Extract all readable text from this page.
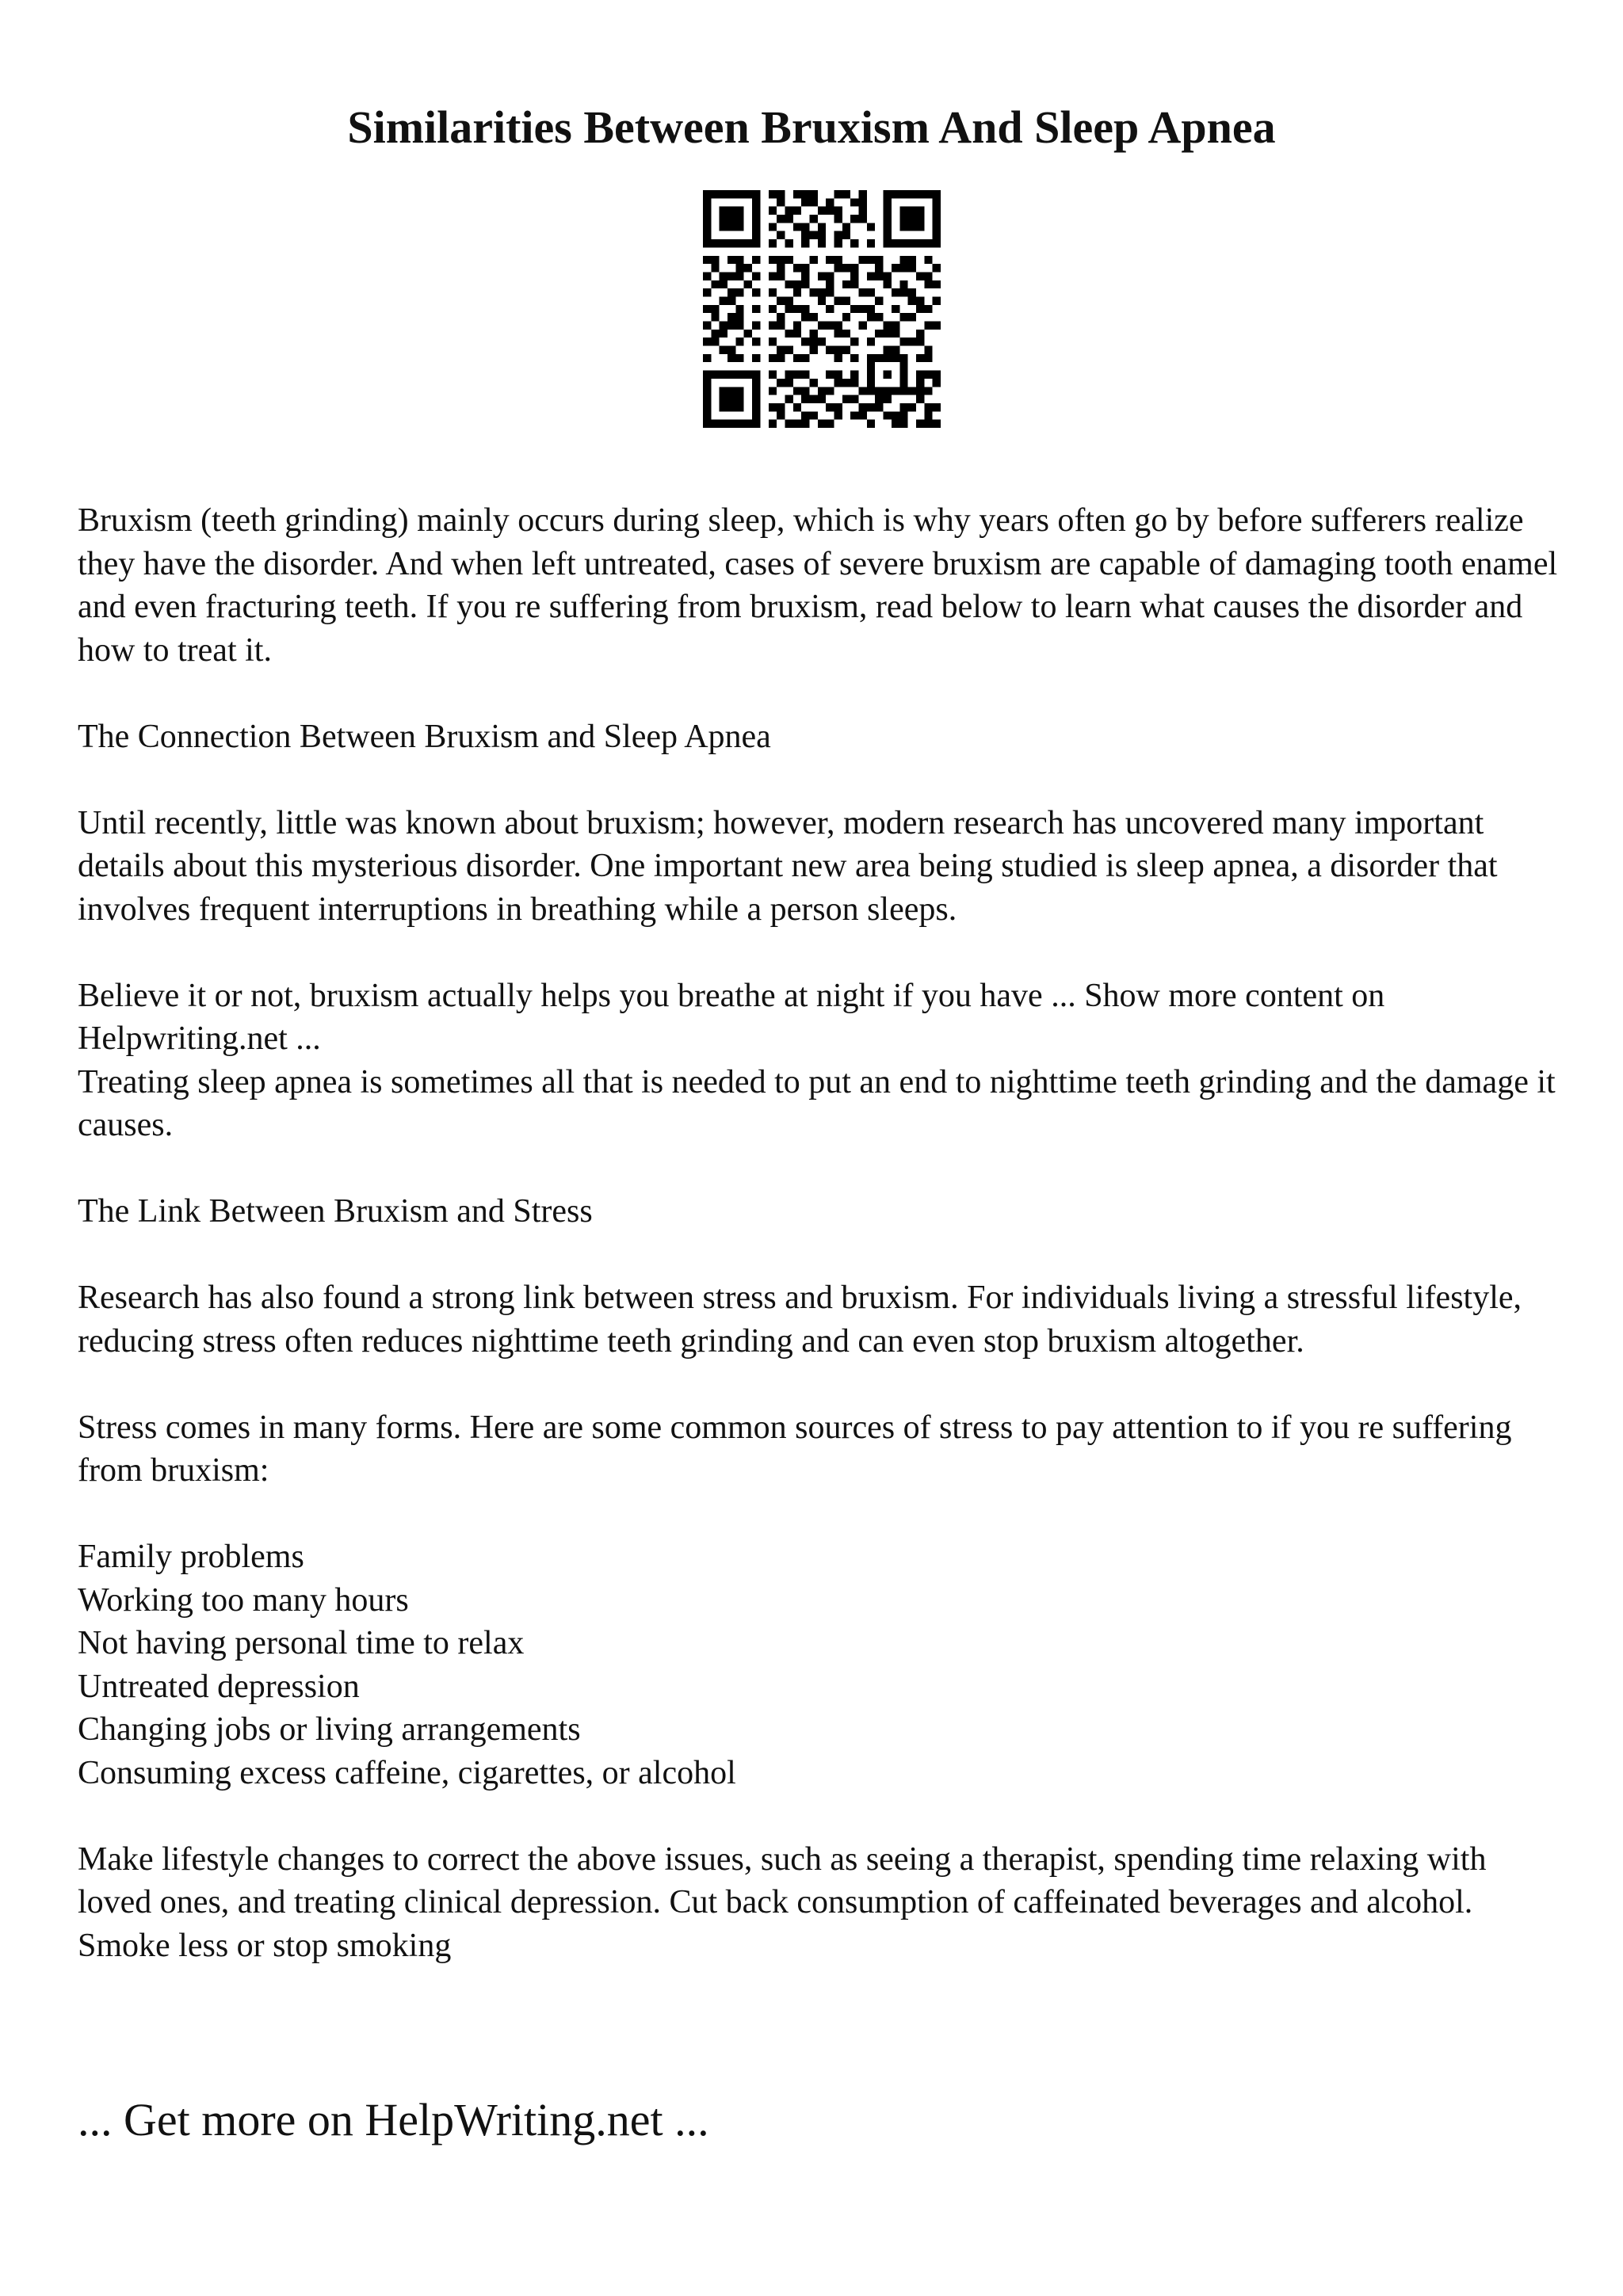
Similarities Between Bruxism And Sleep Apnea

Bruxism (teeth grinding) mainly occurs during sleep, which is why years often go by before sufferers realize they have the disorder. And when left untreated, cases of severe bruxism are capable of damaging tooth enamel and even fracturing teeth. If you re suffering from bruxism, read below to learn what causes the disorder and how to treat it.

The Connection Between Bruxism and Sleep Apnea

Until recently, little was known about bruxism; however, modern research has uncovered many important details about this mysterious disorder. One important new area being studied is sleep apnea, a disorder that involves frequent interruptions in breathing while a person sleeps.

Believe it or not, bruxism actually helps you breathe at night if you have ... Show more content on Helpwriting.net ...
Treating sleep apnea is sometimes all that is needed to put an end to nighttime teeth grinding and the damage it causes.

The Link Between Bruxism and Stress

Research has also found a strong link between stress and bruxism. For individuals living a stressful lifestyle, reducing stress often reduces nighttime teeth grinding and can even stop bruxism altogether.

Stress comes in many forms. Here are some common sources of stress to pay attention to if you re suffering from bruxism:

Family problems
Working too many hours
Not having personal time to relax
Untreated depression
Changing jobs or living arrangements
Consuming excess caffeine, cigarettes, or alcohol

Make lifestyle changes to correct the above issues, such as seeing a therapist, spending time relaxing with loved ones, and treating clinical depression. Cut back consumption of caffeinated beverages and alcohol. Smoke less or stop smoking

... Get more on HelpWriting.net ...
